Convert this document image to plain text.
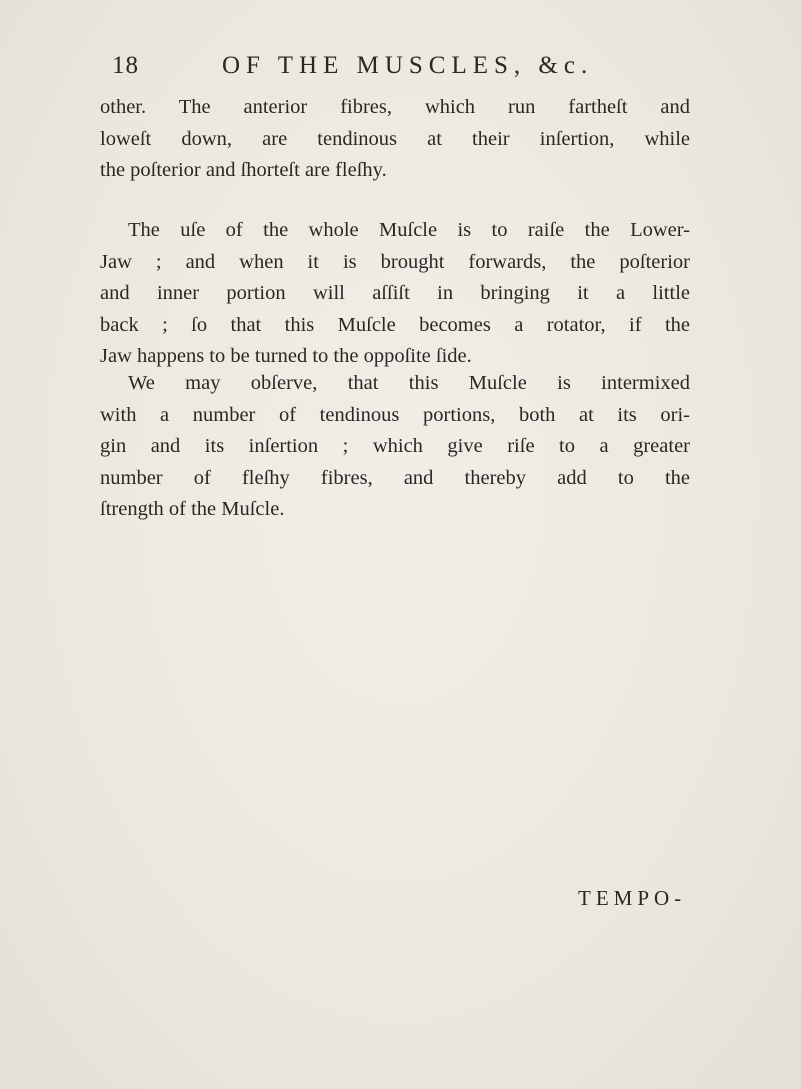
18	OF THE MUSCLES, &c.

other. The anterior fibres, which run fartheſt and
loweſt down, are tendinous at their inſertion, while
the poſterior and ſhorteſt are fleſhy.

The uſe of the whole Muſcle is to raiſe the Lower-
Jaw ; and when it is brought forwards, the poſterior
and inner portion will aſſiſt in bringing it a little
back ; ſo that this Muſcle becomes a rotator, if the
Jaw happens to be turned to the oppoſite ſide.

We may obſerve, that this Muſcle is intermixed
with a number of tendinous portions, both at its ori-
gin and its inſertion ; which give riſe to a greater
number of fleſhy fibres, and thereby add to the
ſtrength of the Muſcle.

TEMPO-
